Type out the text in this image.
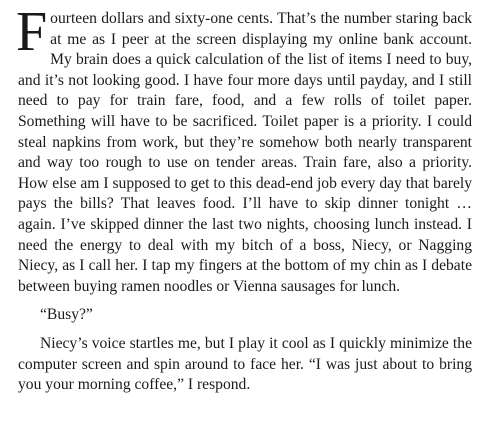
Fourteen dollars and sixty-one cents. That’s the number staring back at me as I peer at the screen displaying my online bank account. My brain does a quick calculation of the list of items I need to buy, and it’s not looking good. I have four more days until payday, and I still need to pay for train fare, food, and a few rolls of toilet paper. Something will have to be sacrificed. Toilet paper is a priority. I could steal napkins from work, but they’re somehow both nearly transparent and way too rough to use on tender areas. Train fare, also a priority. How else am I supposed to get to this dead-end job every day that barely pays the bills? That leaves food. I’ll have to skip dinner tonight … again. I’ve skipped dinner the last two nights, choosing lunch instead. I need the energy to deal with my bitch of a boss, Niecy, or Nagging Niecy, as I call her. I tap my fingers at the bottom of my chin as I debate between buying ramen noodles or Vienna sausages for lunch.

“Busy?”

Niecy’s voice startles me, but I play it cool as I quickly minimize the computer screen and spin around to face her. “I was just about to bring you your morning coffee,” I respond.
